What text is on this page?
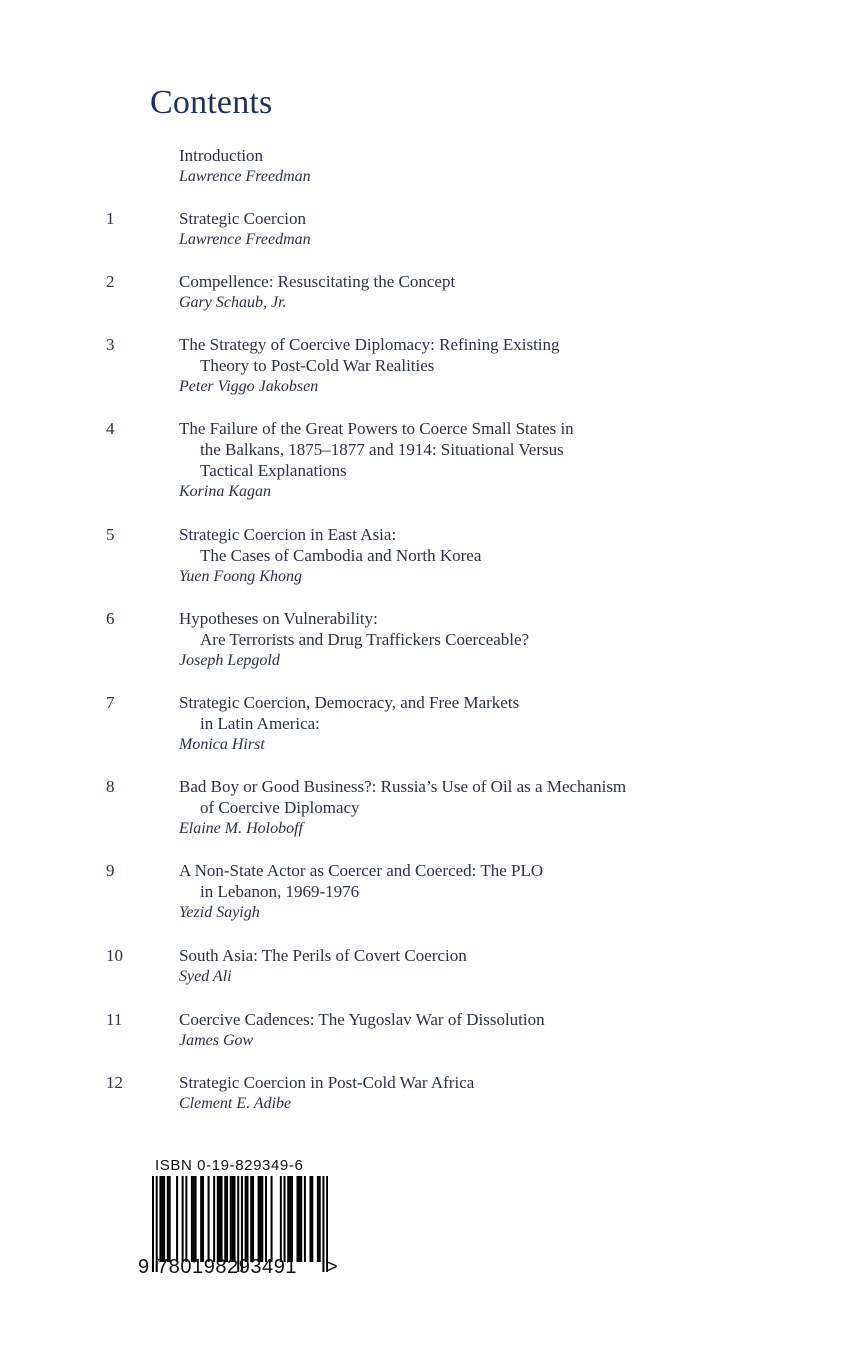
Contents
Introduction
Lawrence Freedman
1	Strategic Coercion
Lawrence Freedman
2	Compellence: Resuscitating the Concept
Gary Schaub, Jr.
3	The Strategy of Coercive Diplomacy: Refining Existing
Theory to Post-Cold War Realities
Peter Viggo Jakobsen
4	The Failure of the Great Powers to Coerce Small States in
the Balkans, 1875–1877 and 1914: Situational Versus
Tactical Explanations
Korina Kagan
5	Strategic Coercion in East Asia:
The Cases of Cambodia and North Korea
Yuen Foong Khong
6	Hypotheses on Vulnerability:
Are Terrorists and Drug Traffickers Coerceable?
Joseph Lepgold
7	Strategic Coercion, Democracy, and Free Markets
in Latin America:
Monica Hirst
8	Bad Boy or Good Business?: Russia’s Use of Oil as a Mechanism
of Coercive Diplomacy
Elaine M. Holoboff
9	A Non-State Actor as Coercer and Coerced: The PLO
in Lebanon, 1969-1976
Yezid Sayigh
10	South Asia: The Perils of Covert Coercion
Syed Ali
11	Coercive Cadences: The Yugoslav War of Dissolution
James Gow
12	Strategic Coercion in Post-Cold War Africa
Clement E. Adibe
ISBN 0-19-829349-6
9 780198293491 >
